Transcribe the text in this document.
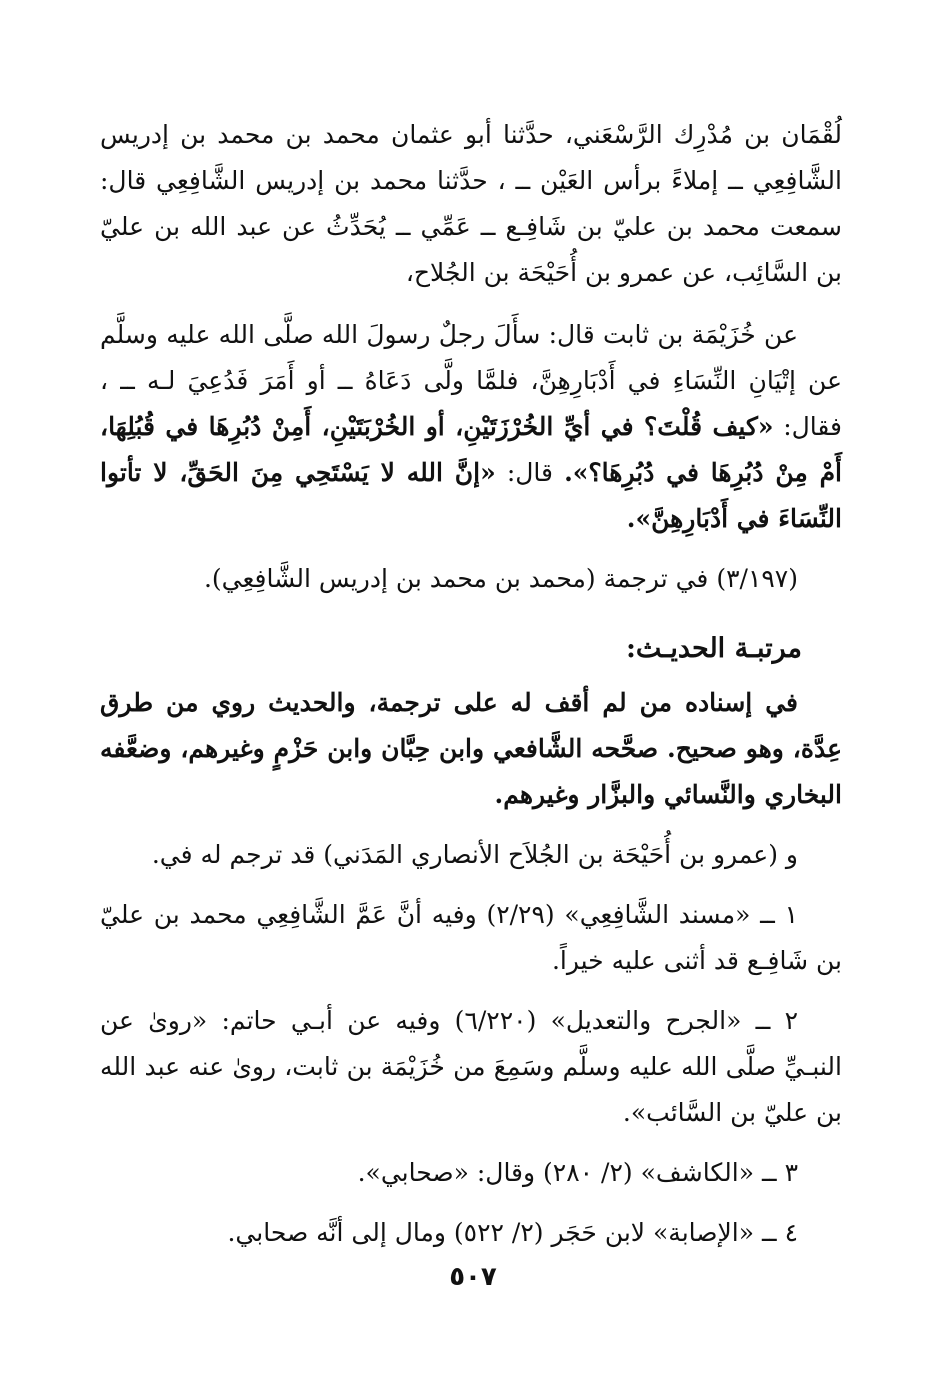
لُقْمَان بن مُدْرِك الرَّسْعَني، حدَّثنا أبو عثمان محمد بن محمد بن إدريس الشَّافِعِي ــ إملاءً برأس العَيْن ــ ، حدَّثنا محمد بن إدريس الشَّافِعِي قال: سمعت محمد بن عليّ بن شَافِـع ــ عَمِّي ــ يُحَدِّثُ عن عبد الله بن عليّ بن السَّائِب، عن عمرو بن أُحَيْحَة بن الجُلاح،

عن خُزَيْمَة بن ثابت قال: سأَلَ رجلٌ رسولَ الله صلَّى الله عليه وسلَّم عن إتْيَانِ النِّسَاءِ في أَدْبَارِهِنَّ، فلمَّا ولَّى دَعَاهُ ــ أو أَمَرَ فَدُعِيَ لـه ــ ، فقال: «كيف قُلْتَ؟ في أيِّ الخُرْزَتَيْنِ، أو الخُرْبَتَيْنِ، أَمِنْ دُبُرِهَا في قُبُلِهَا، أَمْ مِنْ دُبُرِهَا في دُبُرِهَا؟». قال: «إنَّ الله لا يَسْتَحِي مِنَ الحَقِّ، لا تأتوا النِّسَاءَ في أَدْبَارِهِنَّ».

(٣/١٩٧) في ترجمة (محمد بن محمد بن إدريس الشَّافِعِي).

مرتبـة الحديـث:

في إسناده من لم أقف له على ترجمة، والحديث روي من طرق عِدَّة، وهو صحيح. صحَّحه الشَّافعي وابن حِبَّان وابن حَزْمٍ وغيرهم، وضعَّفه البخاري والنَّسائي والبزَّار وغيرهم.

و (عمرو بن أُحَيْحَة بن الجُلاَح الأنصاري المَدَني) قد ترجم له في.

١ ــ «مسند الشَّافِعِي» (٢/٢٩) وفيه أنَّ عَمَّ الشَّافِعِي محمد بن عليّ بن شَافِـع قد أثنى عليه خيراً.

٢ ــ «الجرح والتعديل» (٦/٢٢٠) وفيه عن أبـي حاتم: «روىٰ عن النبـيِّ صلَّى الله عليه وسلَّم وسَمِعَ من خُزَيْمَة بن ثابت، روىٰ عنه عبد الله بن عليّ بن السَّائب».

٣ ــ «الكاشف» (٢/ ٢٨٠) وقال: «صحابي».

٤ ــ «الإصابة» لابن حَجَر (٢/ ٥٢٢) ومال إلى أنَّه صحابي.

٥٠٧
